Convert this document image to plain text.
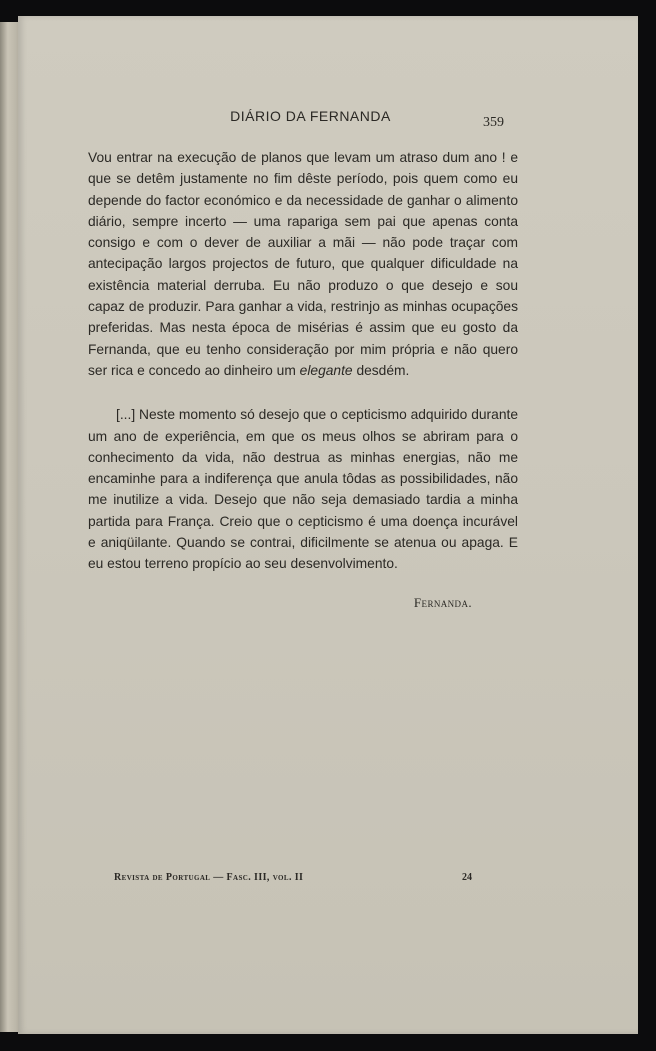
DIÁRIO DA FERNANDA	359

Vou entrar na execução de planos que levam um atraso dum ano ! e que se detêm justamente no fim dêste período, pois quem como eu depende do factor económico e da necessidade de ganhar o alimento diário, sempre incerto — uma rapariga sem pai que apenas conta consigo e com o dever de auxiliar a mãi — não pode traçar com antecipação largos projectos de futuro, que qualquer dificuldade na existência material derruba. Eu não produzo o que desejo e sou capaz de produzir. Para ganhar a vida, restrinjo as minhas ocupações preferidas. Mas nesta época de misérias é assim que eu gosto da Fernanda, que eu tenho consideração por mim própria e não quero ser rica e concedo ao dinheiro um elegante desdém.

[...] Neste momento só desejo que o cepticismo adquirido durante um ano de experiência, em que os meus olhos se abriram para o conhecimento da vida, não destrua as minhas energias, não me encaminhe para a indiferença que anula tôdas as possibilidades, não me inutilize a vida. Desejo que não seja demasiado tardia a minha partida para França. Creio que o cepticismo é uma doença incurável e aniqüilante. Quando se contrai, dificilmente se atenua ou apaga. E eu estou terreno propício ao seu desenvolvimento.

Fernanda.
Revista de Portugal — Fasc. III, vol. II	24
